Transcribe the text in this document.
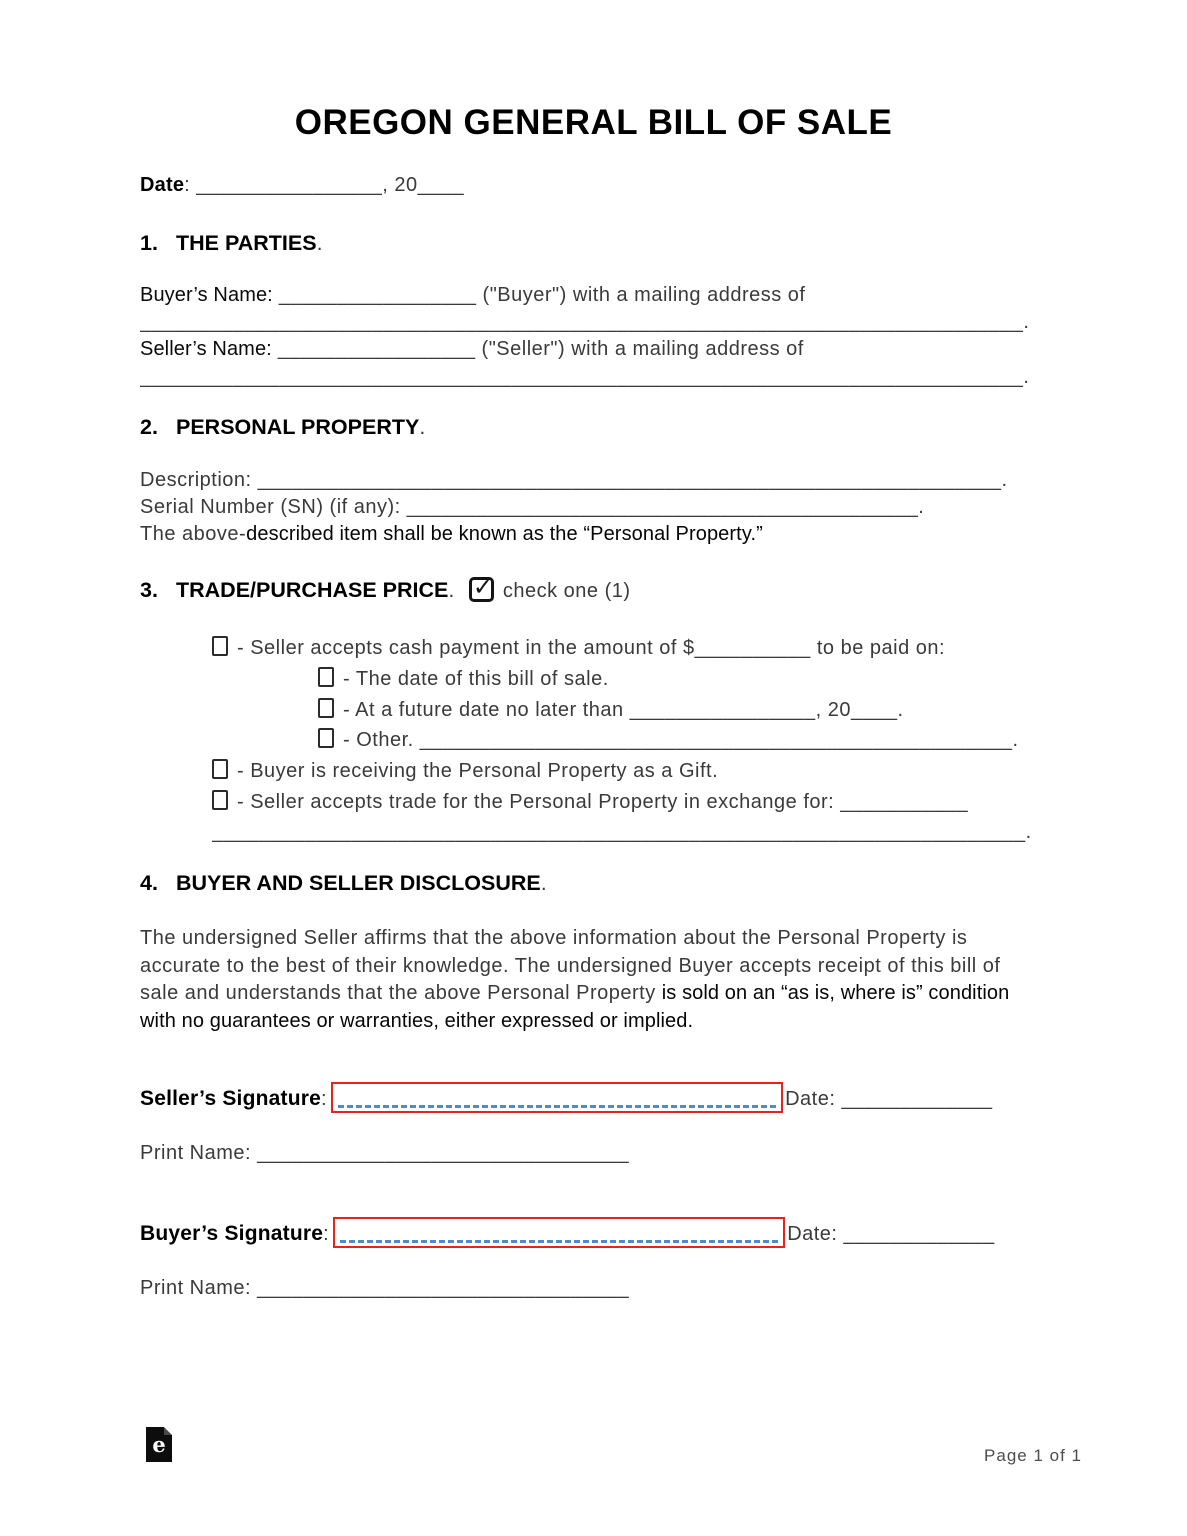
OREGON GENERAL BILL OF SALE
Date: ________________, 20____
1. THE PARTIES.
Buyer’s Name: _________________ ("Buyer") with a mailing address of
____________________________________________________________________________.
Seller’s Name: _________________ ("Seller") with a mailing address of
____________________________________________________________________________.
2. PERSONAL PROPERTY.
Description: ________________________________________________________________.
Serial Number (SN) (if any): ____________________________________________.
The above-described item shall be known as the “Personal Property.”
3. TRADE/PURCHASE PRICE. ✓ check one (1)
- Seller accepts cash payment in the amount of $__________ to be paid on:
- The date of this bill of sale.
- At a future date no later than ________________, 20____.
- Other. ___________________________________________________.
- Buyer is receiving the Personal Property as a Gift.
- Seller accepts trade for the Personal Property in exchange for: ___________
______________________________________________________________________.
4. BUYER AND SELLER DISCLOSURE.
The undersigned Seller affirms that the above information about the Personal Property is accurate to the best of their knowledge. The undersigned Buyer accepts receipt of this bill of sale and understands that the above Personal Property is sold on an “as is, where is” condition with no guarantees or warranties, either expressed or implied.
Seller’s Signature:	Date: _____________
Print Name: ________________________________
Buyer’s Signature:	Date: _____________
Print Name: ________________________________
e	Page 1 of 1
